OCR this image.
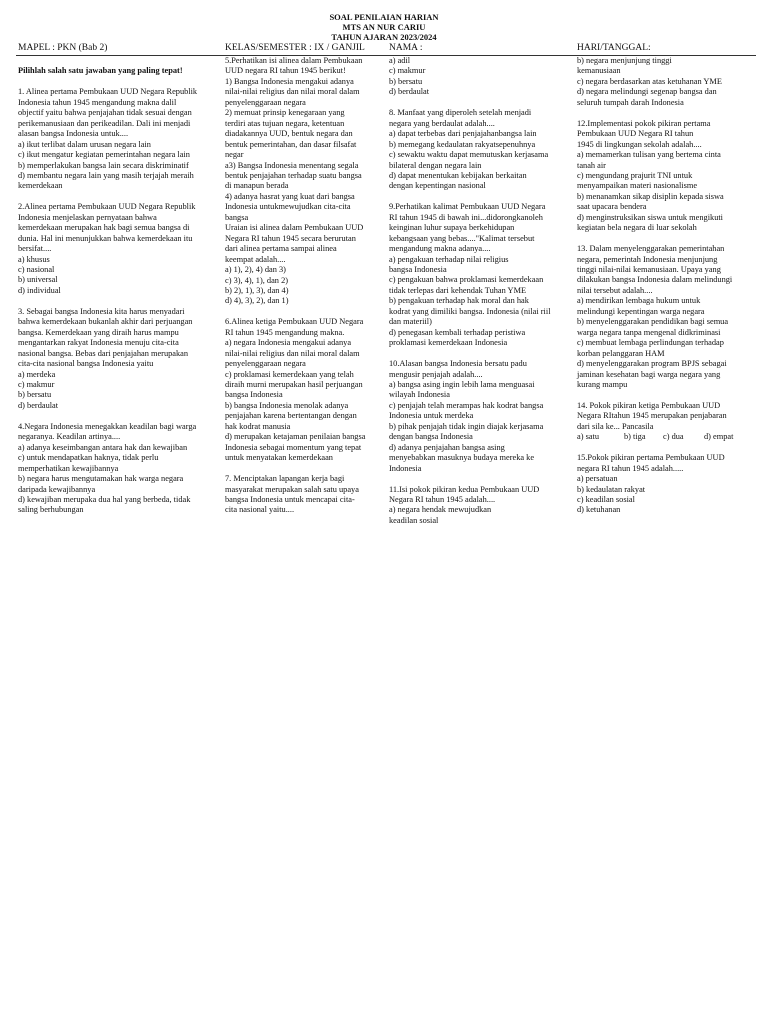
SOAL PENILAIAN HARIAN
MTS AN NUR CARIU
TAHUN AJARAN 2023/2024
MAPEL : PKN (Bab 2)	KELAS/SEMESTER : IX / GANJIL	NAMA :	HARI/TANGGAL:
Pilihlah salah satu jawaban yang paling tepat!
1. Alinea pertama Pembukaan UUD Negara Republik
Indonesia tahun 1945 mengandung makna dalil
objectif yaitu bahwa penjajahan tidak sesuai dengan
perikemanusiaan dan perikeadilan. Dali ini menjadi
alasan bangsa Indonesia untuk....
a) ikut terlibat dalam urusan negara lain
c) ikut mengatur kegiatan pemerintahan negara lain
b) memperlakukan bangsa lain secara diskriminatif
d) membantu negara lain yang masih terjajah meraih
kemerdekaan
2.Alinea pertama Pembukaan UUD Negara Republik
Indonesia menjelaskan pernyataan bahwa
kemerdekaan merupakan hak bagi semua bangsa di
dunia. Hal ini menunjukkan bahwa kemerdekaan itu
bersifat....
a) khusus
c) nasional
b) universal
d) individual
3. Sebagai bangsa Indonesia kita harus menyadari
bahwa kemerdekaan bukanlah akhir dari perjuangan
bangsa. Kemerdekaan yang diraih harus mampu
mengantarkan rakyat Indonesia menuju cita-cita
nasional bangsa. Bebas dari penjajahan merupakan
cita-cita nasional bangsa Indonesia yaitu
a) merdeka
c) makmur
b) bersatu
d) berdaulat
4.Negara Indonesia menegakkan keadilan bagi warga
negaranya. Keadilan artinya....
a) adanya keseimbangan antara hak dan kewajiban
c) untuk mendapatkan haknya, tidak perlu
memperhatikan kewajibannya
b) negara harus mengutamakan hak warga negara
daripada kewajibannya
d) kewajiban merupaka dua hal yang berbeda, tidak
saling berhubungan
5.Perhatikan isi alinea dalam Pembukaan
UUD negara RI tahun 1945 berikut!
1) Bangsa Indonesia mengakui adanya
nilai-nilai religius dan nilai moral dalam
penyelenggaraan negara
2) memuat prinsip kenegaraan yang
terdiri atas tujuan negara, ketentuan
diadakannya UUD, bentuk negara dan
bentuk pemerintahan, dan dasar filsafat
negar
a3) Bangsa Indonesia menentang segala
bentuk penjajahan terhadap suatu bangsa
di manapun berada
4) adanya hasrat yang kuat dari bangsa
Indonesia untukmewujudkan cita-cita
bangsa
Uraian isi alinea dalam Pembukaan UUD
Negara RI tahun 1945 secara berurutan
dari alinea pertama sampai alinea
keempat adalah....
a) 1), 2), 4) dan 3)
c) 3), 4), 1), dan 2)
b) 2), 1), 3), dan 4)
d) 4), 3), 2), dan 1)
6.Alinea ketiga Pembukaan UUD Negara
RI tahun 1945 mengandung makna.
a) negara Indonesia mengakui adanya
nilai-nilai religius dan nilai moral dalam
penyelenggaraan negara
c) proklamasi kemerdekaan yang telah
diraih murni merupakan hasil perjuangan
bangsa Indonesia
b) bangsa Indonesia menolak adanya
penjajahan karena bertentangan dengan
hak kodrat manusia
d) merupakan ketajaman penilaian bangsa
Indonesia sebagai momentum yang tepat
untuk menyatakan kemerdekaan
7. Menciptakan lapangan kerja bagi
masyarakat merupakan salah satu upaya
bangsa Indonesia untuk mencapai cita-
cita nasional yaitu....
a) adil
c) makmur
b) bersatu
d) berdaulat
8. Manfaat yang diperoleh setelah menjadi
negara yang berdaulat adalah....
a) dapat terbebas dari penjajahanbangsa lain
b) memegang kedaulatan rakyatsepenuhnya
c) sewaktu waktu dapat memutuskan kerjasama
bilateral dengan negara lain
d) dapat menentukan kebijakan berkaitan
dengan kepentingan nasional
9.Perhatikan kalimat Pembukaan UUD Negara
RI tahun 1945 di bawah ini...didorongkanoleh
keinginan luhur supaya berkehidupan
kebangsaan yang bebas...."Kalimat tersebut
mengandung makna adanya....
a) pengakuan terhadap nilai religius
bangsa Indonesia
c) pengakuan bahwa proklamasi kemerdekaan
tidak terlepas dari kehendak Tuhan YME
b) pengakuan terhadap hak moral dan hak
kodrat yang dimiliki bangsa. Indonesia (nilai riil
dan materiil)
d) penegasan kembali terhadap peristiwa
proklamasi kemerdekaan Indonesia
10.Alasan bangsa Indonesia bersatu padu
mengusir penjajah adalah....
a) bangsa asing ingin lebih lama menguasai
wilayah Indonesia
c) penjajah telah merampas hak kodrat bangsa
Indonesia untuk merdeka
b) pihak penjajah tidak ingin diajak kerjasama
dengan bangsa Indonesia
d) adanya penjajahan bangsa asing
menyebabkan masuknya budaya mereka ke
Indonesia
11.Isi pokok pikiran kedua Pembukaan UUD
Negara RI tahun 1945 adalah....
a) negara hendak mewujudkan
keadilan sosial
b) negara menjunjung tinggi
kemanusiaan
c) negara berdasarkan atas ketuhanan YME
d) negara melindungi segenap bangsa dan
seluruh tumpah darah Indonesia
12.Implementasi pokok pikiran pertama
Pembukaan UUD Negara RI tahun
1945 di lingkungan sekolah adalah....
a) memamerkan tulisan yang bertema cinta
tanah air
c) mengundang prajurit TNI untuk
menyampaikan materi nasionalisme
b) menanamkan sikap disiplin kepada siswa
saat upacara bendera
d) menginstruksikan siswa untuk mengikuti
kegiatan bela negara di luar sekolah
13. Dalam menyelenggarakan pemerintahan
negara, pemerintah Indonesia menjunjung
tinggi nilai-nilai kemanusiaan. Upaya yang
dilakukan bangsa Indonesia dalam melindungi
nilai tersebut adalah....
a) mendirikan lembaga hukum untuk
melindungi kepentingan warga negara
b) menyelenggarakan pendidikan bagi semua
warga negara tanpa mengenal didkriminasi
c) membuat lembaga perlindungan terhadap
korban pelanggaran HAM
d) menyelenggarakan program BPJS sebagai
jaminan kesehatan bagi warga negara yang
kurang mampu
14. Pokok pikiran ketiga Pembukaan UUD
Negara RItahun 1945 merupakan penjabaran
dari sila ke... Pancasila
a) satu	b) tiga	c) dua	d) empat
15.Pokok pikiran pertama Pembukaan UUD
negara RI tahun 1945 adalah.....
a) persatuan
b) kedaulatan rakyat
c) keadilan sosial
d) ketuhanan
